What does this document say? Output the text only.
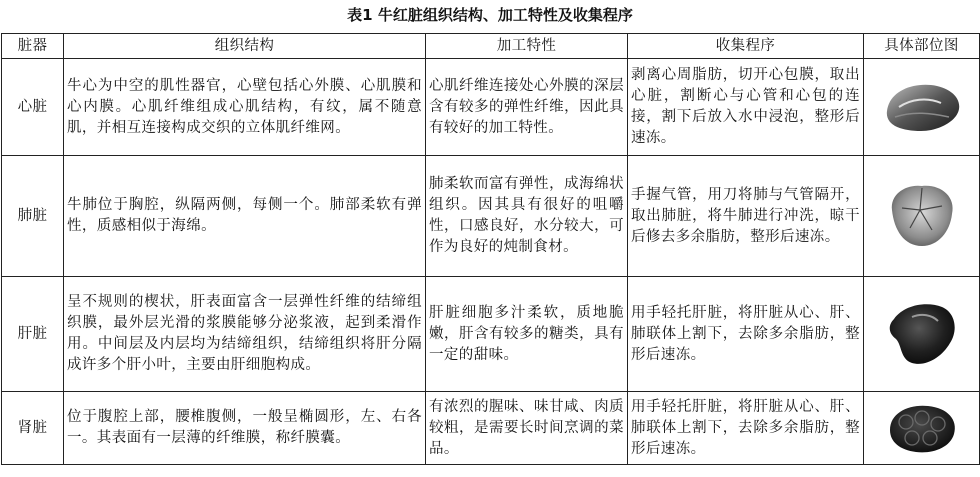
表1 牛红脏组织结构、加工特性及收集程序
脏器	组织结构	加工特性	收集程序	具体部位图
心脏	牛心为中空的肌性器官，心壁包括心外膜、心肌膜和心内膜。心肌纤维组成心肌结构，有纹，属不随意肌，并相互连接构成交织的立体肌纤维网。	心肌纤维连接处心外膜的深层含有较多的弹性纤维，因此具有较好的加工特性。	剥离心周脂肪，切开心包膜，取出心脏，割断心与心管和心包的连接，割下后放入水中浸泡，整形后速冻。	

肺脏	牛肺位于胸腔，纵隔两侧，每侧一个。肺部柔软有弹性，质感相似于海绵。	肺柔软而富有弹性，成海绵状组织。因其具有很好的咀嚼性，口感良好，水分较大，可作为良好的炖制食材。	手握气管，用刀将肺与气管隔开，取出肺脏，将牛肺进行冲洗，晾干后修去多余脂肪，整形后速冻。	

肝脏	呈不规则的楔状，肝表面富含一层弹性纤维的结缔组织膜，最外层光滑的浆膜能够分泌浆液，起到柔滑作用。中间层及内层均为结缔组织，结缔组织将肝分隔成许多个肝小叶，主要由肝细胞构成。	肝脏细胞多汁柔软，质地脆嫩，肝含有较多的糖类，具有一定的甜味。	用手轻托肝脏，将肝脏从心、肝、肺联体上割下，去除多余脂肪，整形后速冻。	

肾脏	位于腹腔上部，腰椎腹侧，一般呈椭圆形，左、右各一。其表面有一层薄的纤维膜，称纤膜囊。	有浓烈的腥味、味甘咸、肉质较粗，是需要长时间烹调的菜品。	用手轻托肝脏，将肝脏从心、肝、肺联体上割下，去除多余脂肪，整形后速冻。	
